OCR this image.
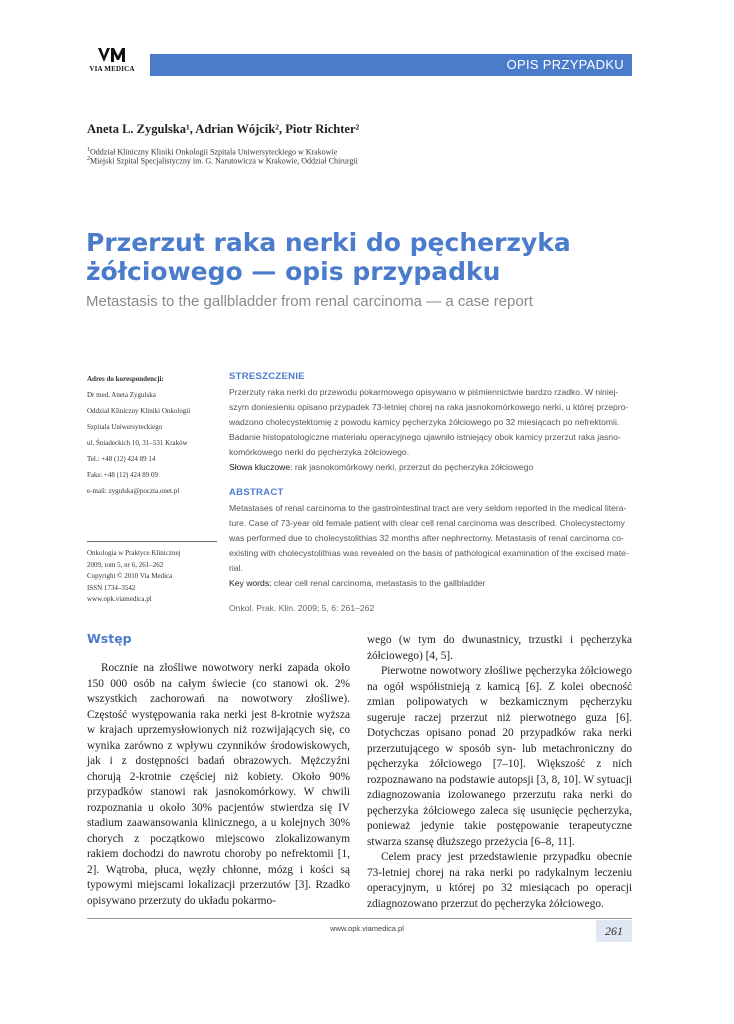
VIA MEDICA	OPIS PRZYPADKU
Aneta L. Zygulska¹, Adrian Wójcik², Piotr Richter²
$^1$Oddział Kliniczny Kliniki Onkologii Szpitala Uniwersyteckiego w Krakowie
$^2$Miejski Szpital Specjalistyczny im. G. Narutowicza w Krakowie, Oddział Chirurgii
Przerzut raka nerki do pęcherzyka
żółciowego — opis przypadku
Metastasis to the gallbladder from renal carcinoma — a case report
Adres do korespondencji:
Dr med. Aneta Zygulska
Oddział Kliniczny Kliniki Onkologii
Szpitala Uniwersyteckiego
ul. Śniadeckich 10, 31–531 Kraków
Tel.: +48 (12) 424 89 14
Faks: +48 (12) 424 89 09
e-mail: zygulska@poczta.onet.pl
Onkologia w Praktyce Klinicznej
2009, tom 5, nr 6, 261–262
Copyright © 2010 Via Medica
ISSN 1734–3542
www.opk.viamedica.pl
STRESZCZENIE
Przerzuty raka nerki do przewodu pokarmowego opisywano w piśmiennictwie bardzo rzadko. W niniej-
szym doniesieniu opisano przypadek 73-letniej chorej na raka jasnokomórkowego nerki, u której przepro-
wadzono cholecystektomię z powodu kamicy pęcherzyka żółciowego po 32 miesiącach po nefrektomii.
Badanie histopatologiczne materiału operacyjnego ujawniło istniejący obok kamicy przerzut raka jasno-
komórkowego nerki do pęcherzyka żółciowego.
Słowa kluczowe: rak jasnokomórkowy nerki, przerzut do pęcherzyka żółciowego
ABSTRACT
Metastases of renal carcinoma to the gastrointestinal tract are very seldom reported in the medical litera-
ture. Case of 73-year old female patient with clear cell renal carcinoma was described. Cholecystectomy
was performed due to cholecystolithias 32 months after nephrectomy. Metastasis of renal carcinoma co-
existing with cholecystolithias was revealed on the basis of pathological examination of the excised mate-
rial.
Key words: clear cell renal carcinoma, metastasis to the gallbladder
Onkol. Prak. Klin. 2009; 5, 6: 261–262
Wstęp

Rocznie na złośliwe nowotwory nerki zapada około 150 000 osób na całym świecie (co stanowi ok. 2% wszystkich zachorowań na nowotwory złośliwe). Częstość występowania raka nerki jest 8-krotnie wyższa w krajach uprzemysłowionych niż rozwijających się, co wynika zarówno z wpływu czynników środowiskowych, jak i z dostępności badań obrazowych. Mężczyźni chorują 2-krotnie częściej niż kobiety. Około 90% przypadków stanowi rak jasnokomórkowy. W chwili rozpoznania u około 30% pacjentów stwierdza się IV stadium zaawansowania klinicznego, a u kolejnych 30% chorych z początkowo miejscowo zlokalizowanym rakiem dochodzi do nawrotu choroby po nefrektomii [1, 2]. Wątroba, płuca, węzły chłonne, mózg i kości są typowymi miejscami lokalizacji przerzutów [3]. Rzadko opisywano przerzuty do układu pokarmo-

wego (w tym do dwunastnicy, trzustki i pęcherzyka żółciowego) [4, 5].

Pierwotne nowotwory złośliwe pęcherzyka żółciowego na ogół współistnieją z kamicą [6]. Z kolei obecność zmian polipowatych w bezkamicznym pęcherzyku sugeruje raczej przerzut niż pierwotnego guza [6]. Dotychczas opisano ponad 20 przypadków raka nerki przerzutującego w sposób syn- lub metachroniczny do pęcherzyka żółciowego [7–10]. Większość z nich rozpoznawano na podstawie autopsji [3, 8, 10]. W sytuacji zdiagnozowania izolowanego przerzutu raka nerki do pęcherzyka żółciowego zaleca się usunięcie pęcherzyka, ponieważ jedynie takie postępowanie terapeutyczne stwarza szansę dłuższego przeżycia [6–8, 11].

Celem pracy jest przedstawienie przypadku obecnie 73-letniej chorej na raka nerki po radykalnym leczeniu operacyjnym, u której po 32 miesiącach po operacji zdiagnozowano przerzut do pęcherzyka żółciowego.

www.opk.viamedica.pl	261
